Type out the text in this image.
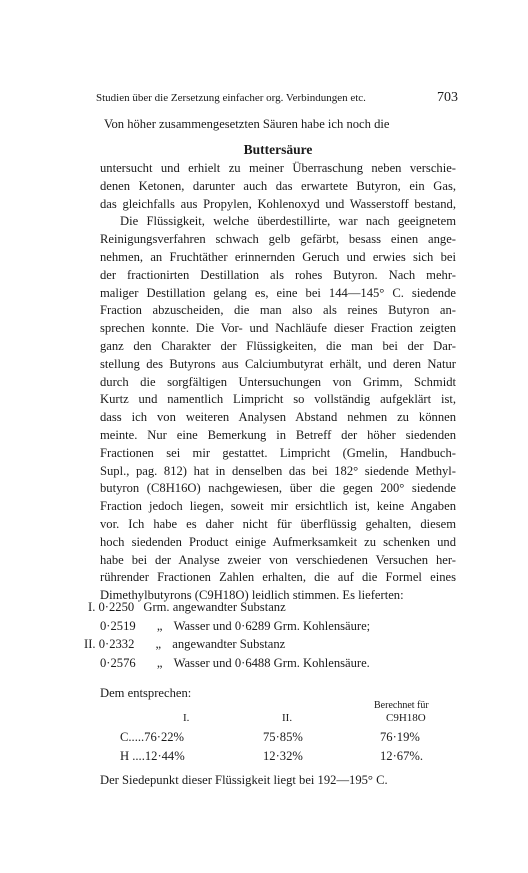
Studien über die Zersetzung einfacher org. Verbindungen etc.	703
Von höher zusammengesetzten Säuren habe ich noch die
Buttersäure
untersucht und erhielt zu meiner Überraschung neben verschie-
denen Ketonen, darunter auch das erwartete Butyron, ein Gas,
das gleichfalls aus Propylen, Kohlenoxyd und Wasserstoff bestand,
Die Flüssigkeit, welche überdestillirte, war nach geeignetem
Reinigungsverfahren schwach gelb gefärbt, besass einen ange-
nehmen, an Fruchtäther erinnernden Geruch und erwies sich bei
der fractionirten Destillation als rohes Butyron. Nach mehr-
maliger Destillation gelang es, eine bei 144—145° C. siedende
Fraction abzuscheiden, die man also als reines Butyron an-
sprechen konnte. Die Vor- und Nachläufe dieser Fraction zeigten
ganz den Charakter der Flüssigkeiten, die man bei der Dar-
stellung des Butyrons aus Calciumbutyrat erhält, und deren Natur
durch die sorgfältigen Untersuchungen von Grimm, Schmidt
Kurtz und namentlich Limpricht so vollständig aufgeklärt ist,
dass ich von weiteren Analysen Abstand nehmen zu können
meinte. Nur eine Bemerkung in Betreff der höher siedenden
Fractionen sei mir gestattet. Limpricht (Gmelin, Handbuch-
Supl., pag. 812) hat in denselben das bei 182° siedende Methyl-
butyron (C8H16O) nachgewiesen, über die gegen 200° siedende
Fraction jedoch liegen, soweit mir ersichtlich ist, keine Angaben
vor. Ich habe es daher nicht für überflüssig gehalten, diesem
hoch siedenden Product einige Aufmerksamkeit zu schenken und
habe bei der Analyse zweier von verschiedenen Versuchen her-
rührender Fractionen Zahlen erhalten, die auf die Formel eines
Dimethylbutyrons (C9H18O) leidlich stimmen. Es lieferten:
I. 0·2250 Grm. angewandter Substanz
0·2519 „ Wasser und 0·6289 Grm. Kohlensäure;
II. 0·2332 „ angewandter Substanz
0·2576 „ Wasser und 0·6488 Grm. Kohlensäure.
Dem entsprechen:
Berechnet für
I.	II.	C9H18O
C.....76·22%	75·85%	76·19%
H ....12·44%	12·32%	12·67%.
Der Siedepunkt dieser Flüssigkeit liegt bei 192—195° C.
